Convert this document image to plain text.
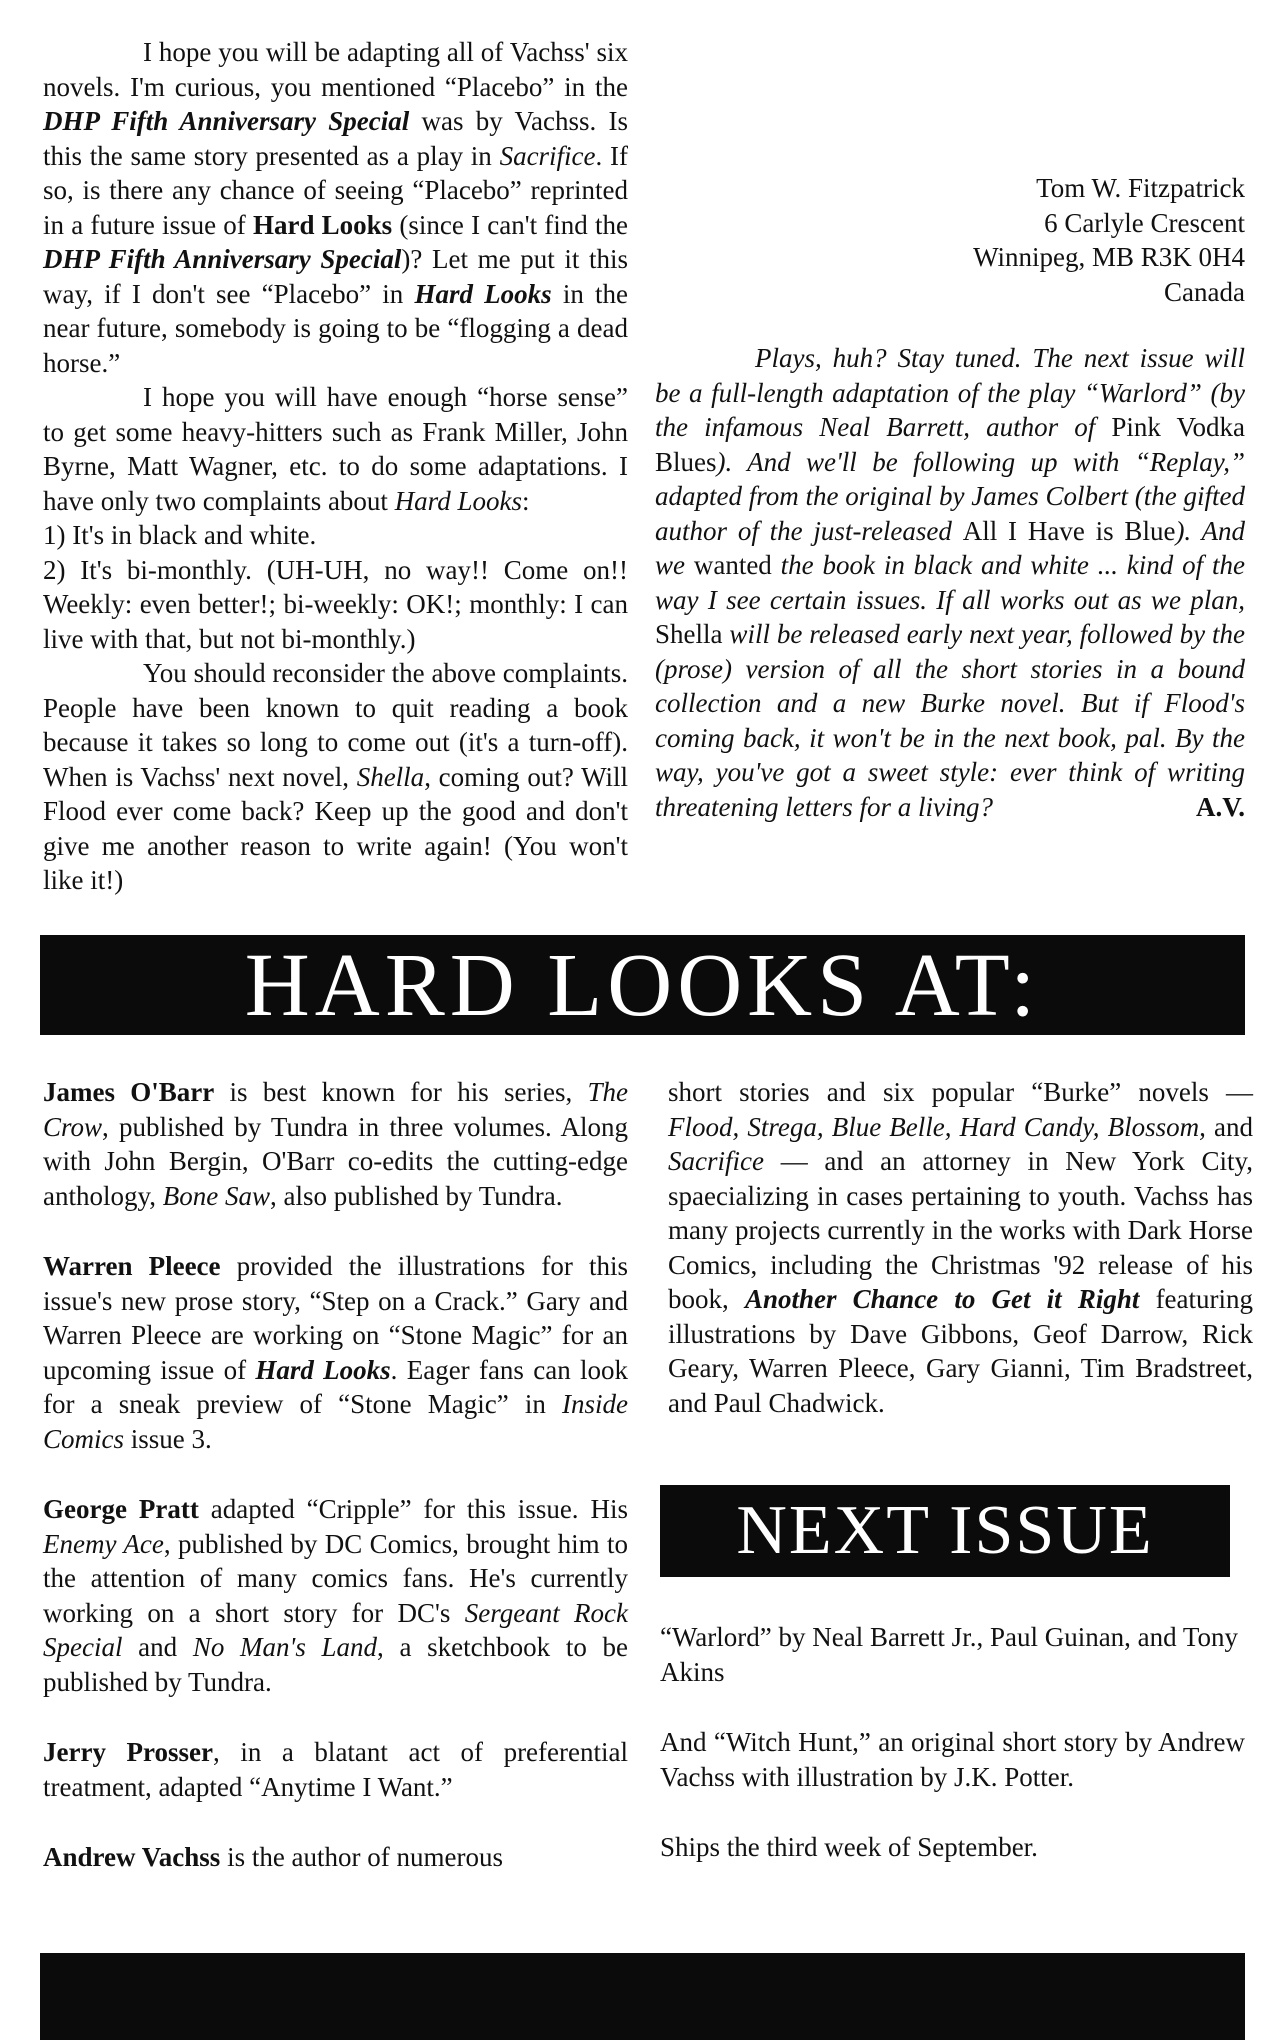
I hope you will be adapting all of Vachss' six novels. I'm curious, you mentioned “Placebo” in the DHP Fifth Anniversary Special was by Vachss. Is this the same story presented as a play in Sacrifice. If so, is there any chance of seeing “Placebo” reprinted in a future issue of Hard Looks (since I can't find the DHP Fifth Anniversary Special)? Let me put it this way, if I don't see “Placebo” in Hard Looks in the near future, somebody is going to be “flogging a dead horse.”

I hope you will have enough “horse sense” to get some heavy-hitters such as Frank Miller, John Byrne, Matt Wagner, etc. to do some adaptations. I have only two complaints about Hard Looks:

1) It's in black and white.

2) It's bi-monthly. (UH-UH, no way!! Come on!! Weekly: even better!; bi-weekly: OK!; monthly: I can live with that, but not bi-monthly.)

You should reconsider the above complaints. People have been known to quit reading a book because it takes so long to come out (it's a turn-off). When is Vachss' next novel, Shella, coming out? Will Flood ever come back? Keep up the good and don't give me another reason to write again! (You won't like it!)

Tom W. Fitzpatrick

6 Carlyle Crescent

Winnipeg, MB R3K 0H4

Canada

Plays, huh? Stay tuned. The next issue will be a full-length adaptation of the play “Warlord” (by the infamous Neal Barrett, author of Pink Vodka Blues). And we'll be following up with “Replay,” adapted from the original by James Colbert (the gifted author of the just-released All I Have is Blue). And we wanted the book in black and white ... kind of the way I see certain issues. If all works out as we plan, Shella will be released early next year, followed by the (prose) version of all the short stories in a bound collection and a new Burke novel. But if Flood's coming back, it won't be in the next book, pal. By the way, you've got a sweet style: ever think of writing threatening letters for a living?	A.V.

HARD LOOKS AT:

James O'Barr is best known for his series, The Crow, published by Tundra in three volumes. Along with John Bergin, O'Barr co-edits the cutting-edge anthology, Bone Saw, also published by Tundra.

Warren Pleece provided the illustrations for this issue's new prose story, “Step on a Crack.” Gary and Warren Pleece are working on “Stone Magic” for an upcoming issue of Hard Looks. Eager fans can look for a sneak preview of “Stone Magic” in Inside Comics issue 3.

George Pratt adapted “Cripple” for this issue. His Enemy Ace, published by DC Comics, brought him to the attention of many comics fans. He's currently working on a short story for DC's Sergeant Rock Special and No Man's Land, a sketchbook to be published by Tundra.

Jerry Prosser, in a blatant act of preferential treatment, adapted “Anytime I Want.”

Andrew Vachss is the author of numerous

short stories and six popular “Burke” novels — Flood, Strega, Blue Belle, Hard Candy, Blossom, and Sacrifice — and an attorney in New York City, spaecializing in cases pertaining to youth. Vachss has many projects currently in the works with Dark Horse Comics, including the Christmas '92 release of his book, Another Chance to Get it Right featuring illustrations by Dave Gibbons, Geof Darrow, Rick Geary, Warren Pleece, Gary Gianni, Tim Bradstreet, and Paul Chadwick.

NEXT ISSUE

“Warlord” by Neal Barrett Jr., Paul Guinan, and Tony Akins

And “Witch Hunt,” an original short story by Andrew Vachss with illustration by J.K. Potter.

Ships the third week of September.
